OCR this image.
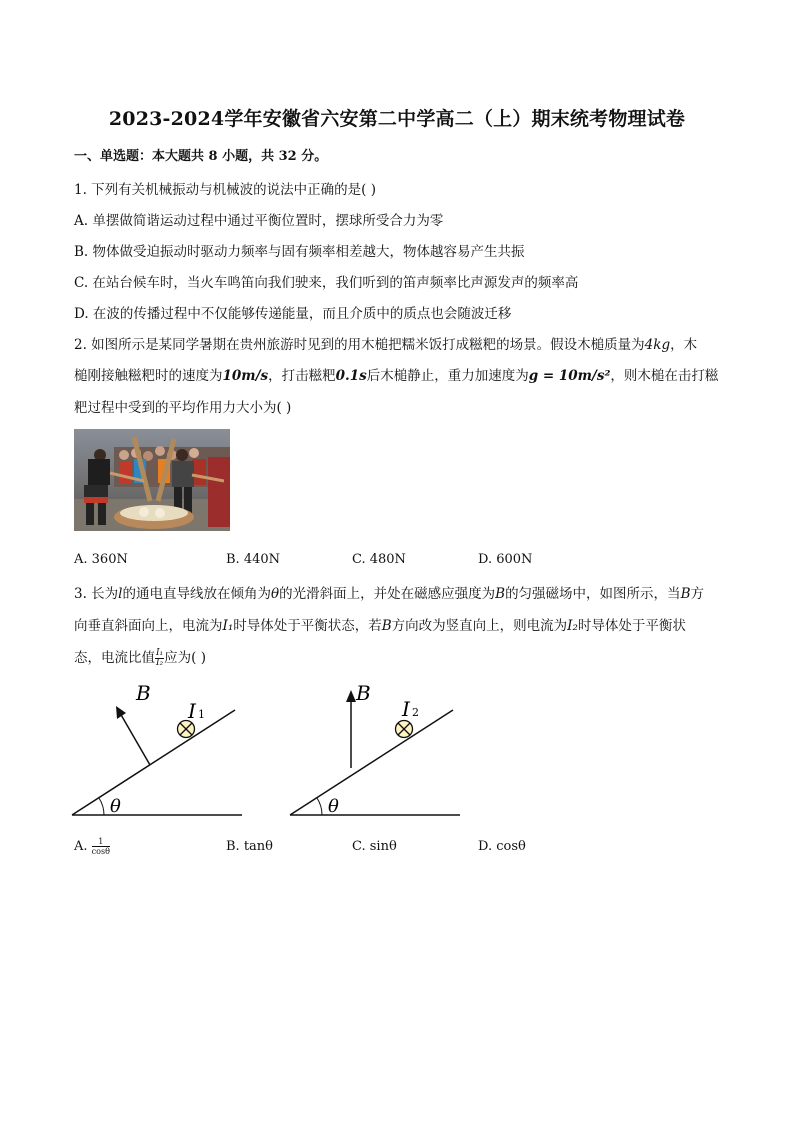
2023-2024学年安徽省六安第二中学高二（上）期末统考物理试卷
一、单选题：本大题共 8 小题，共 32 分。
1. 下列有关机械振动与机械波的说法中正确的是( )
A. 单摆做简谐运动过程中通过平衡位置时，摆球所受合力为零
B. 物体做受迫振动时驱动力频率与固有频率相差越大，物体越容易产生共振
C. 在站台候车时，当火车鸣笛向我们驶来，我们听到的笛声频率比声源发声的频率高
D. 在波的传播过程中不仅能够传递能量，而且介质中的质点也会随波迁移
2. 如图所示是某同学暑期在贵州旅游时见到的用木槌把糯米饭打成糍粑的场景。假设木槌质量为4kg，木
槌刚接触糍粑时的速度为10m/s，打击糍粑0.1s后木槌静止，重力加速度为g = 10m/s²，则木槌在击打糍
粑过程中受到的平均作用力大小为( )
A. 360N	B. 440N	C. 480N	D. 600N
3. 长为l的通电直导线放在倾角为θ的光滑斜面上，并处在磁感应强度为B的匀强磁场中，如图所示，当B方
向垂直斜面向上，电流为I₁时导体处于平衡状态，若B方向改为竖直向上，则电流为I₂时导体处于平衡状
态，电流比值 $\frac{\text{I₁}}{\text{I₂}}$ 应为( )
θ
B
I 1
θ
B
I 2
A. $\frac{1}{\cos\theta}$	B. tanθ	C. sinθ	D. cosθ
